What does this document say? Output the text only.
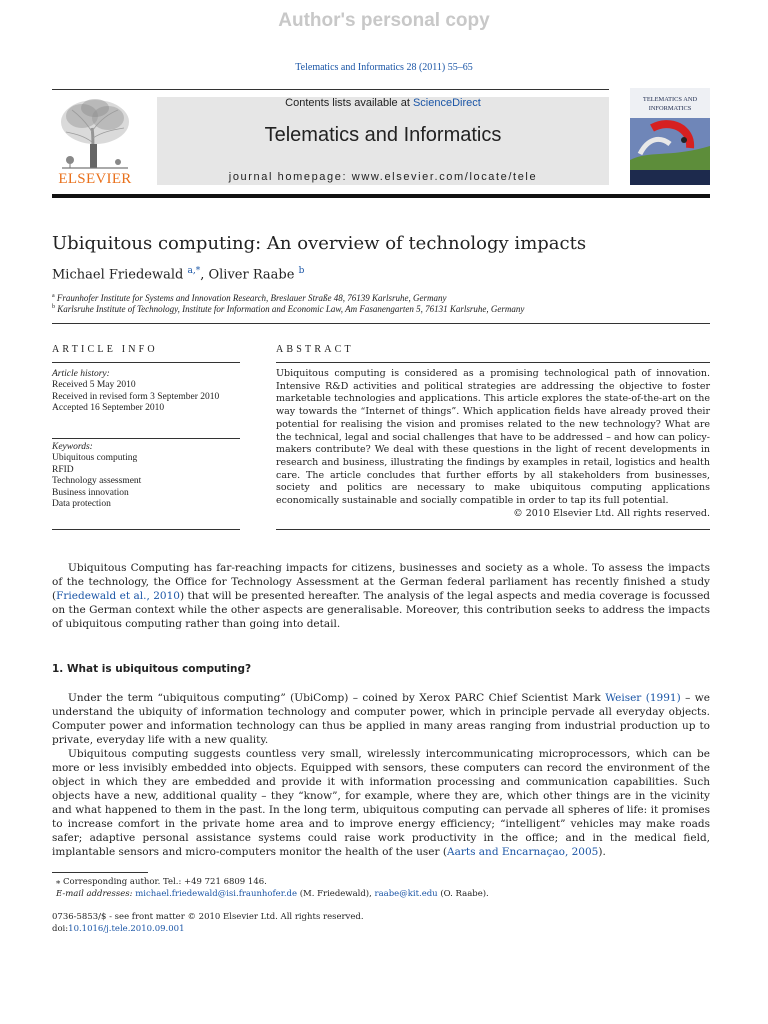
Author's personal copy
Telematics and Informatics 28 (2011) 55–65
ELSEVIER
Contents lists available at ScienceDirect
Telematics and Informatics
journal homepage: www.elsevier.com/locate/tele
TELEMATICS AND
INFORMATICS
Ubiquitous computing: An overview of technology impacts
Michael Friedewald $^{a,*}$, Oliver Raabe $^b$
$^a$ Fraunhofer Institute for Systems and Innovation Research, Breslauer Straße 48, 76139 Karlsruhe, Germany
$^b$ Karlsruhe Institute of Technology, Institute for Information and Economic Law, Am Fasanengarten 5, 76131 Karlsruhe, Germany
ARTICLE INFO	ABSTRACT
Article history:
Received 5 May 2010
Received in revised form 3 September 2010
Accepted 16 September 2010
Keywords:
Ubiquitous computing
RFID
Technology assessment
Business innovation
Data protection
Ubiquitous computing is considered as a promising technological path of innovation. Intensive R&D activities and political strategies are addressing the objective to foster marketable technologies and applications. This article explores the state-of-the-art on the way towards the “Internet of things”. Which application fields have already proved their potential for realising the vision and promises related to the new technology? What are the technical, legal and social challenges that have to be addressed – and how can policy-makers contribute? We deal with these questions in the light of recent developments in research and business, illustrating the findings by examples in retail, logistics and health care. The article concludes that further efforts by all stakeholders from businesses, society and politics are necessary to make ubiquitous computing applications economically sustainable and socially compatible in order to tap its full potential.
© 2010 Elsevier Ltd. All rights reserved.

Ubiquitous Computing has far-reaching impacts for citizens, businesses and society as a whole. To assess the impacts of the technology, the Office for Technology Assessment at the German federal parliament has recently finished a study (Friedewald et al., 2010) that will be presented hereafter. The analysis of the legal aspects and media coverage is focussed on the German context while the other aspects are generalisable. Moreover, this contribution seeks to address the impacts of ubiquitous computing rather than going into detail.

1. What is ubiquitous computing?

Under the term “ubiquitous computing” (UbiComp) – coined by Xerox PARC Chief Scientist Mark Weiser (1991) – we understand the ubiquity of information technology and computer power, which in principle pervade all everyday objects. Computer power and information technology can thus be applied in many areas ranging from industrial production up to private, everyday life with a new quality.

Ubiquitous computing suggests countless very small, wirelessly intercommunicating microprocessors, which can be more or less invisibly embedded into objects. Equipped with sensors, these computers can record the environment of the object in which they are embedded and provide it with information processing and communication capabilities. Such objects have a new, additional quality – they “know”, for example, where they are, which other things are in the vicinity and what happened to them in the past. In the long term, ubiquitous computing can pervade all spheres of life: it promises to increase comfort in the private home area and to improve energy efficiency; “intelligent” vehicles may make roads safer; adaptive personal assistance systems could raise work productivity in the office; and in the medical field, implantable sensors and micro-computers monitor the health of the user (Aarts and Encarnaçao, 2005).

⁎ Corresponding author. Tel.: +49 721 6809 146.
E-mail addresses: michael.friedewald@isi.fraunhofer.de (M. Friedewald), raabe@kit.edu (O. Raabe).
0736-5853/$ - see front matter © 2010 Elsevier Ltd. All rights reserved.
doi:10.1016/j.tele.2010.09.001
